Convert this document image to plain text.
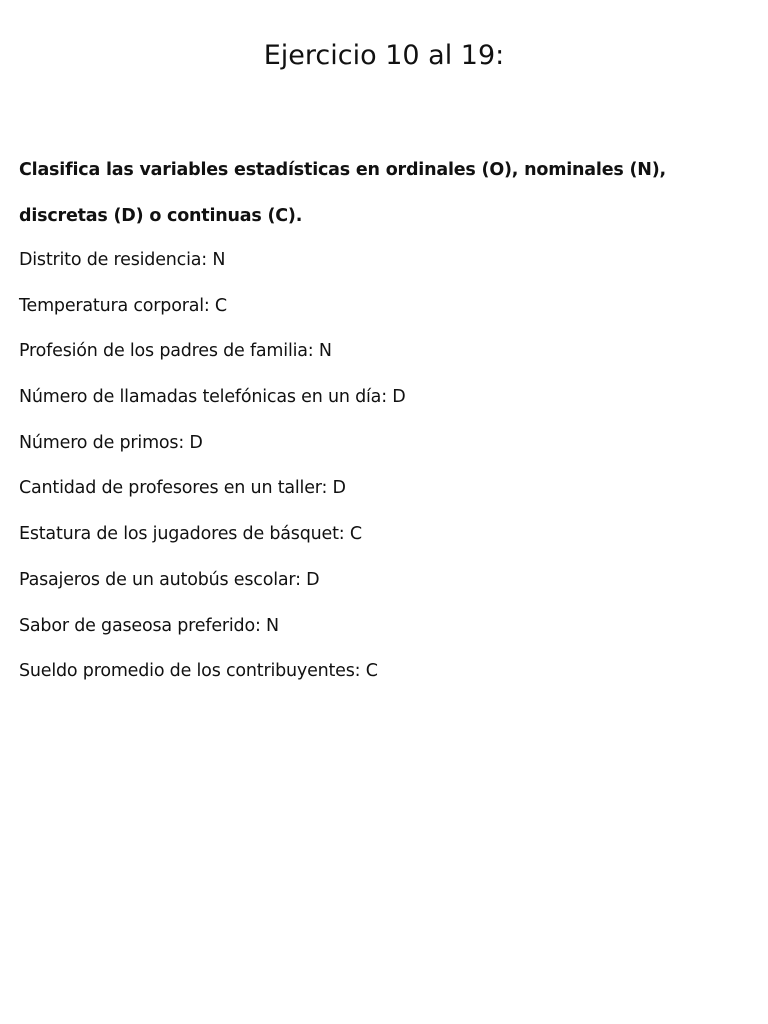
Ejercicio 10 al 19:

Clasifica las variables estadísticas en ordinales (O), nominales (N), discretas (D) o continuas (C).

Distrito de residencia: N
Temperatura corporal: C
Profesión de los padres de familia: N
Número de llamadas telefónicas en un día: D
Número de primos: D
Cantidad de profesores en un taller: D
Estatura de los jugadores de básquet: C
Pasajeros de un autobús escolar: D
Sabor de gaseosa preferido: N
Sueldo promedio de los contribuyentes: C
